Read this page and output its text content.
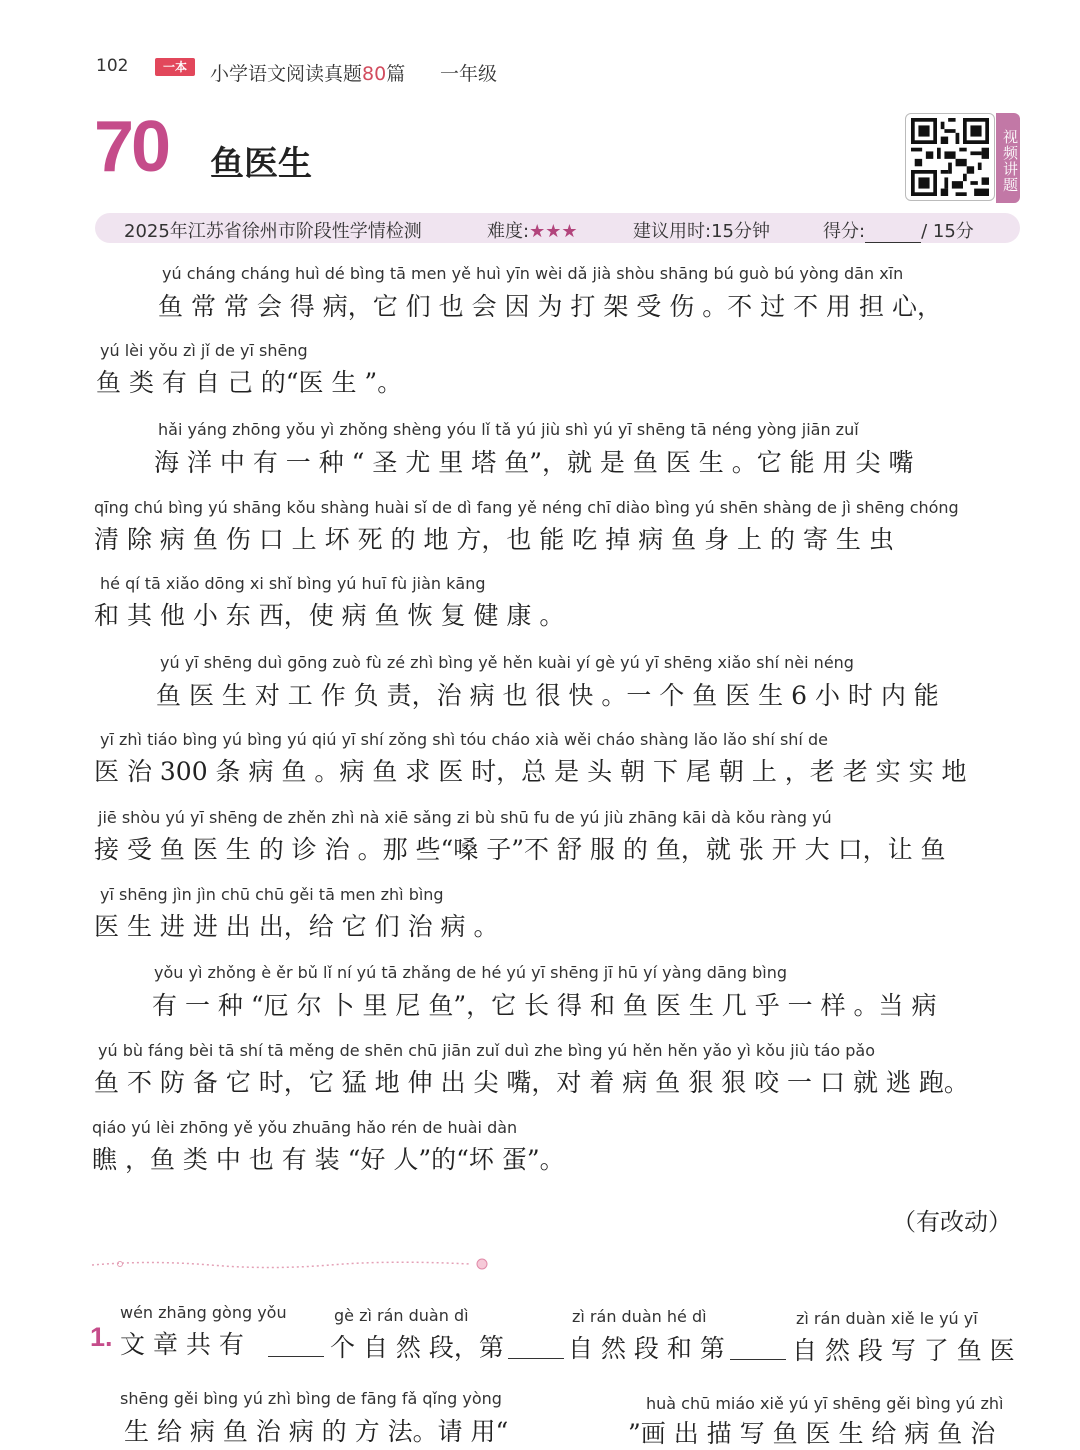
102	一本	小学语文阅读真题80篇 一年级
70 鱼医生	视频讲题
2025年江苏省徐州市阶段性学情检测	难度:★★★	建议用时:15分钟	得分:	/ 15分
yú cháng cháng huì dé bìng tā men yě huì yīn wèi dǎ jià shòu shāng bú guò bú yòng dān xīn
鱼 常 常 会 得 病，它 们 也 会 因 为 打 架 受 伤 。不 过 不 用 担 心，
yú lèi yǒu zì jǐ de yī shēng
鱼 类 有 自 己 的“医 生 ”。
hǎi yáng zhōng yǒu yì zhǒng shèng yóu lǐ tǎ yú jiù shì yú yī shēng tā néng yòng jiān zuǐ
海 洋 中 有 一 种 “ 圣 尤 里 塔 鱼”，就 是 鱼 医 生 。它 能 用 尖 嘴
qīng chú bìng yú shāng kǒu shàng huài sǐ de dì fang yě néng chī diào bìng yú shēn shàng de jì shēng chóng
清 除 病 鱼 伤 口 上 坏 死 的 地 方，也 能 吃 掉 病 鱼 身 上 的 寄 生 虫
hé qí tā xiǎo dōng xi shǐ bìng yú huī fù jiàn kāng
和 其 他 小 东 西，使 病 鱼 恢 复 健 康 。
yú yī shēng duì gōng zuò fù zé zhì bìng yě hěn kuài yí gè yú yī shēng xiǎo shí nèi néng
鱼 医 生 对 工 作 负 责，治 病 也 很 快 。一 个 鱼 医 生 6 小 时 内 能
yī zhì tiáo bìng yú bìng yú qiú yī shí zǒng shì tóu cháo xià wěi cháo shàng lǎo lǎo shí shí de
医 治 300 条 病 鱼 。病 鱼 求 医 时，总 是 头 朝 下 尾 朝 上 ，老 老 实 实 地
jiē shòu yú yī shēng de zhěn zhì nà xiē sǎng zi bù shū fu de yú jiù zhāng kāi dà kǒu ràng yú
接 受 鱼 医 生 的 诊 治 。那 些“嗓 子”不 舒 服 的 鱼，就 张 开 大 口，让 鱼
yī shēng jìn jìn chū chū gěi tā men zhì bìng
医 生 进 进 出 出，给 它 们 治 病 。
yǒu yì zhǒng è ěr bǔ lǐ ní yú tā zhǎng de hé yú yī shēng jī hū yí yàng dāng bìng
有 一 种 “厄 尔 卜 里 尼 鱼”，它 长 得 和 鱼 医 生 几 乎 一 样 。当 病
yú bù fáng bèi tā shí tā měng de shēn chū jiān zuǐ duì zhe bìng yú hěn hěn yǎo yì kǒu jiù táo pǎo
鱼 不 防 备 它 时，它 猛 地 伸 出 尖 嘴，对 着 病 鱼 狠 狠 咬 一 口 就 逃 跑。
qiáo yú lèi zhōng yě yǒu zhuāng hǎo rén de huài dàn
瞧 ，鱼 类 中 也 有 装 “好 人”的“坏 蛋”。
（有改动）
1.
wén zhāng gòng yǒu
文 章 共 有
gè zì rán duàn dì
个 自 然 段，第
zì rán duàn hé dì
自 然 段 和 第
zì rán duàn xiě le yú yī
自 然 段 写 了 鱼 医
shēng gěi bìng yú zhì bìng de fāng fǎ qǐng yòng
生 给 病 鱼 治 病 的 方 法。请 用“
huà chū miáo xiě yú yī shēng gěi bìng yú zhì
”画 出 描 写 鱼 医 生 给 病 鱼 治
